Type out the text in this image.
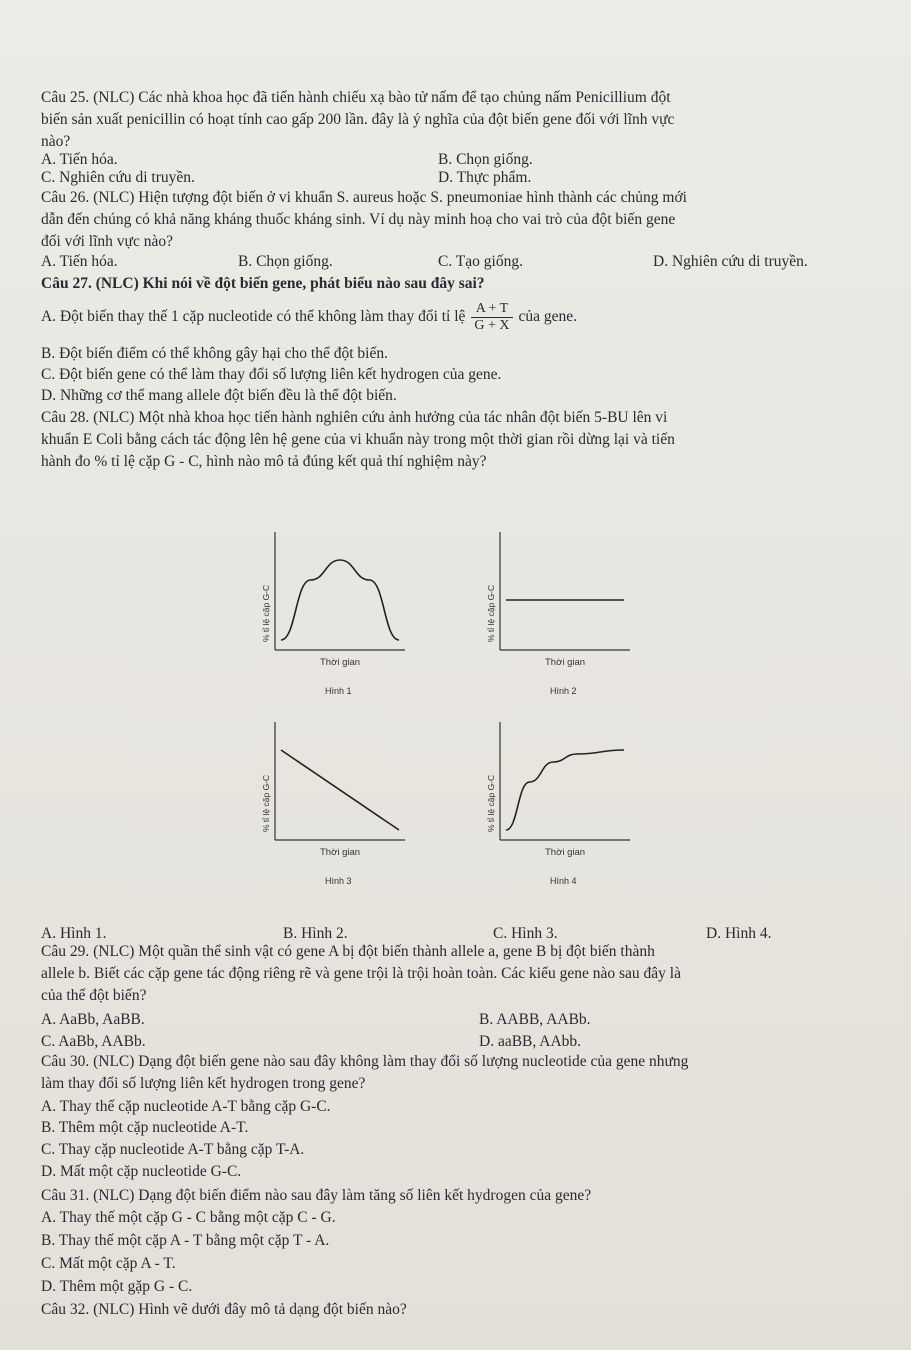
Câu 25. (NLC) Các nhà khoa học đã tiến hành chiếu xạ bào tử nấm để tạo chủng nấm Penicillium đột
biến sản xuất penicillin có hoạt tính cao gấp 200 lần. đây là ý nghĩa của đột biến gene đối với lĩnh vực
nào?
A. Tiến hóa.	B. Chọn giống.
C. Nghiên cứu di truyền.	D. Thực phẩm.
Câu 26. (NLC) Hiện tượng đột biến ở vi khuẩn S. aureus hoặc S. pneumoniae hình thành các chủng mới
dẫn đến chúng có khả năng kháng thuốc kháng sinh. Ví dụ này minh hoạ cho vai trò của đột biến gene
đối với lĩnh vực nào?
A. Tiến hóa.	B. Chọn giống.	C. Tạo giống.	D. Nghiên cứu di truyền.
Câu 27. (NLC) Khi nói về đột biến gene, phát biểu nào sau đây sai?
A. Đột biến thay thế 1 cặp nucleotide có thể không làm thay đổi tỉ lệ $\frac{A + T}{G + X}$ của gene.
B. Đột biến điểm có thể không gây hại cho thể đột biến.
C. Đột biến gene có thể làm thay đổi số lượng liên kết hydrogen của gene.
D. Những cơ thể mang allele đột biến đều là thể đột biến.
Câu 28. (NLC) Một nhà khoa học tiến hành nghiên cứu ảnh hưởng của tác nhân đột biến 5-BU lên vi
khuẩn E Coli bằng cách tác động lên hệ gene của vi khuẩn này trong một thời gian rồi dừng lại và tiến
hành đo % tỉ lệ cặp G - C, hình nào mô tả đúng kết quả thí nghiệm này?
% tỉ lệ cặp G-C
Thời gian
Hình 1
% tỉ lệ cặp G-C
Thời gian
Hình 2
% tỉ lệ cặp G-C
Thời gian
Hình 3
% tỉ lệ cặp G-C
Thời gian
Hình 4
A. Hình 1.	B. Hình 2.	C. Hình 3.	D. Hình 4.
Câu 29. (NLC) Một quần thể sinh vật có gene A bị đột biến thành allele a, gene B bị đột biến thành
allele b. Biết các cặp gene tác động riêng rẽ và gene trội là trội hoàn toàn. Các kiểu gene nào sau đây là
của thể đột biến?
A. AaBb, AaBB.	B. AABB, AABb.
C. AaBb, AABb.	D. aaBB, AAbb.
Câu 30. (NLC) Dạng đột biến gene nào sau đây không làm thay đổi số lượng nucleotide của gene nhưng
làm thay đổi số lượng liên kết hydrogen trong gene?
A. Thay thế cặp nucleotide A-T bằng cặp G-C.
B. Thêm một cặp nucleotide A-T.
C. Thay cặp nucleotide A-T bằng cặp T-A.
D. Mất một cặp nucleotide G-C.
Câu 31. (NLC) Dạng đột biến điểm nào sau đây làm tăng số liên kết hydrogen của gene?
A. Thay thế một cặp G - C bằng một cặp C - G.
B. Thay thế một cặp A - T bằng một cặp T - A.
C. Mất một cặp A - T.
D. Thêm một gặp G - C.
Câu 32. (NLC) Hình vẽ dưới đây mô tả dạng đột biến nào?
